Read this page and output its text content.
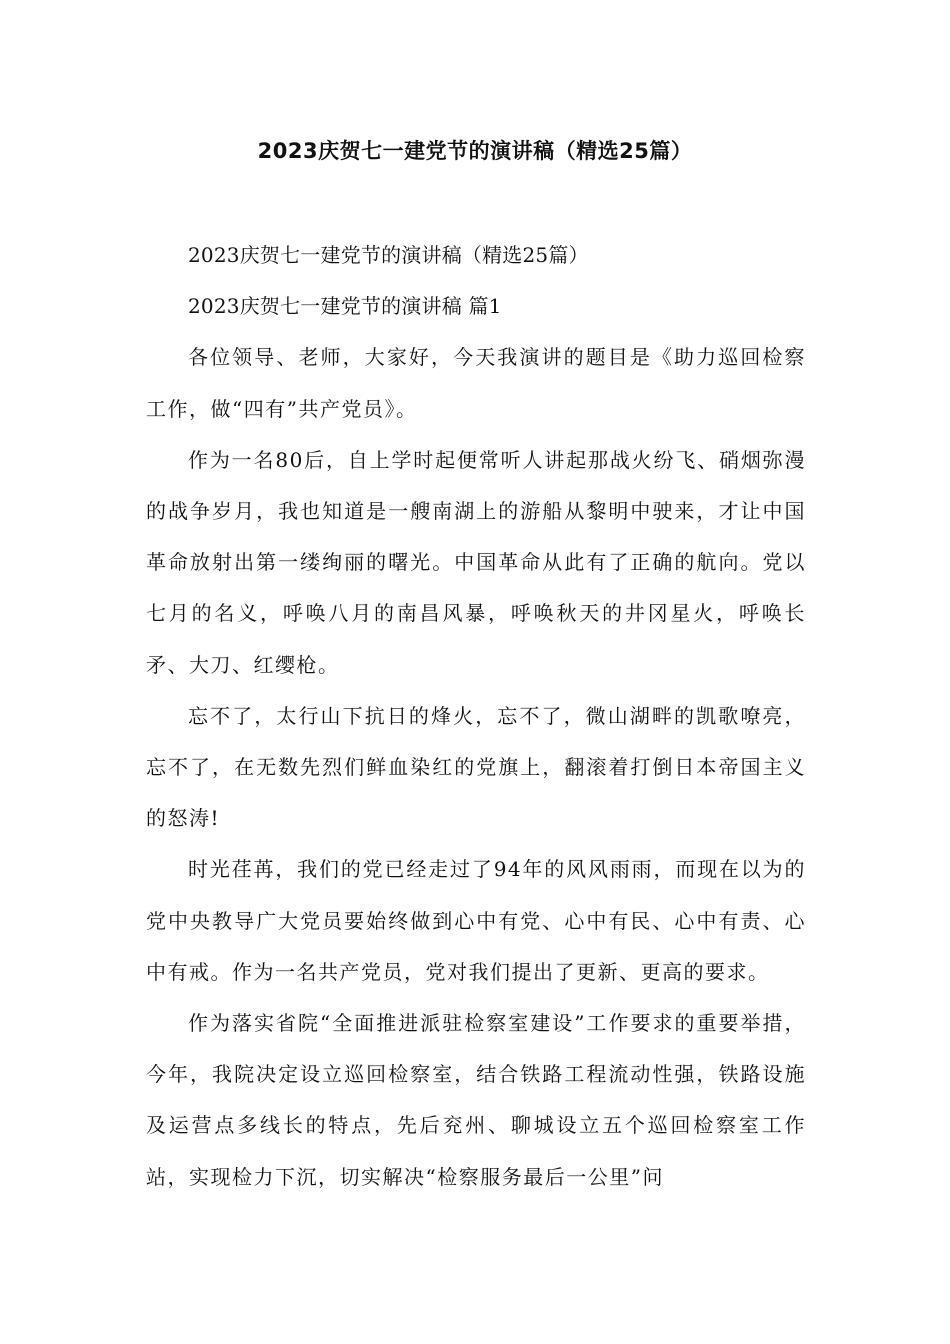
2023庆贺七一建党节的演讲稿（精选25篇）

2023庆贺七一建党节的演讲稿（精选25篇）

2023庆贺七一建党节的演讲稿 篇1

各位领导、老师，大家好，今天我演讲的题目是《助力巡回检察工作，做“四有”共产党员》。

作为一名80后，自上学时起便常听人讲起那战火纷飞、硝烟弥漫的战争岁月，我也知道是一艘南湖上的游船从黎明中驶来，才让中国革命放射出第一缕绚丽的曙光。中国革命从此有了正确的航向。党以七月的名义，呼唤八月的南昌风暴，呼唤秋天的井冈星火，呼唤长矛、大刀、红缨枪。

忘不了，太行山下抗日的烽火，忘不了，微山湖畔的凯歌嘹亮，忘不了，在无数先烈们鲜血染红的党旗上，翻滚着打倒日本帝国主义的怒涛!

时光荏苒，我们的党已经走过了94年的风风雨雨，而现在以为的党中央教导广大党员要始终做到心中有党、心中有民、心中有责、心中有戒。作为一名共产党员，党对我们提出了更新、更高的要求。

作为落实省院“全面推进派驻检察室建设”工作要求的重要举措，今年，我院决定设立巡回检察室，结合铁路工程流动性强，铁路设施及运营点多线长的特点，先后兖州、聊城设立五个巡回检察室工作站，实现检力下沉，切实解决“检察服务最后一公里”问
